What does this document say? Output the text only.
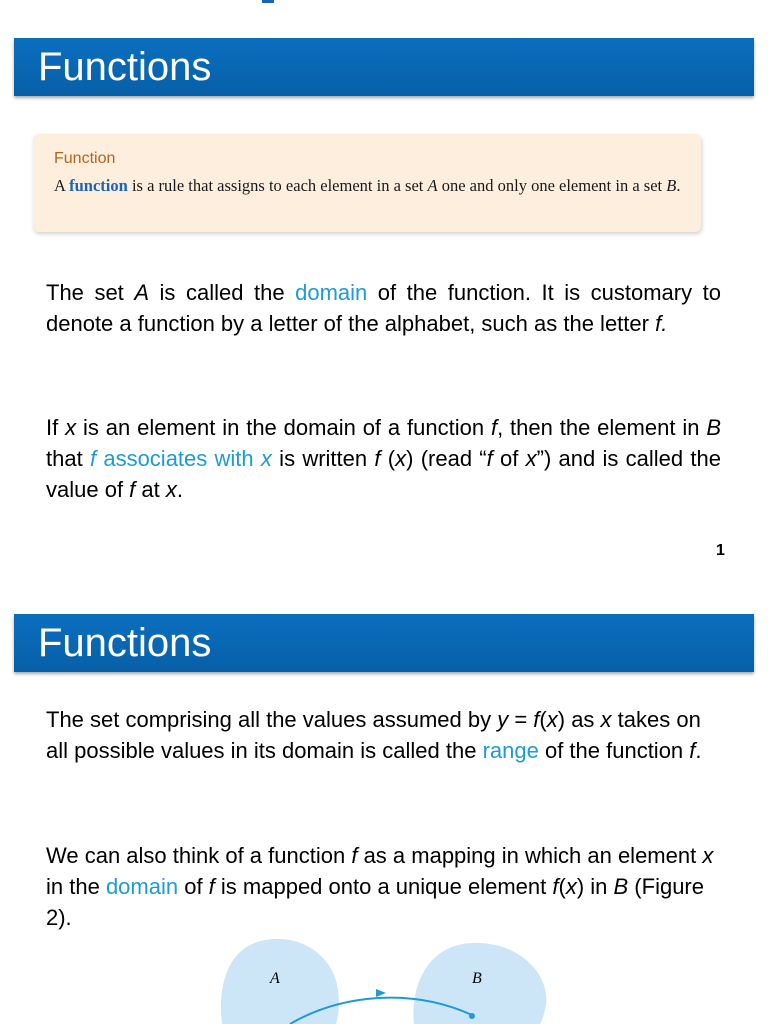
Functions
Function
A function is a rule that assigns to each element in a set A one and only one element in a set B.
The set A is called the domain of the function. It is customary to denote a function by a letter of the alphabet, such as the letter f.
If x is an element in the domain of a function f, then the element in B that f associates with x is written f (x) (read “f of x”) and is called the value of f at x.
1
Functions
The set comprising all the values assumed by y = f(x) as x takes on all possible values in its domain is called the range of the function f.
We can also think of a function f as a mapping in which an element x in the domain of f is mapped onto a unique element f(x) in B (Figure 2).
A	B
